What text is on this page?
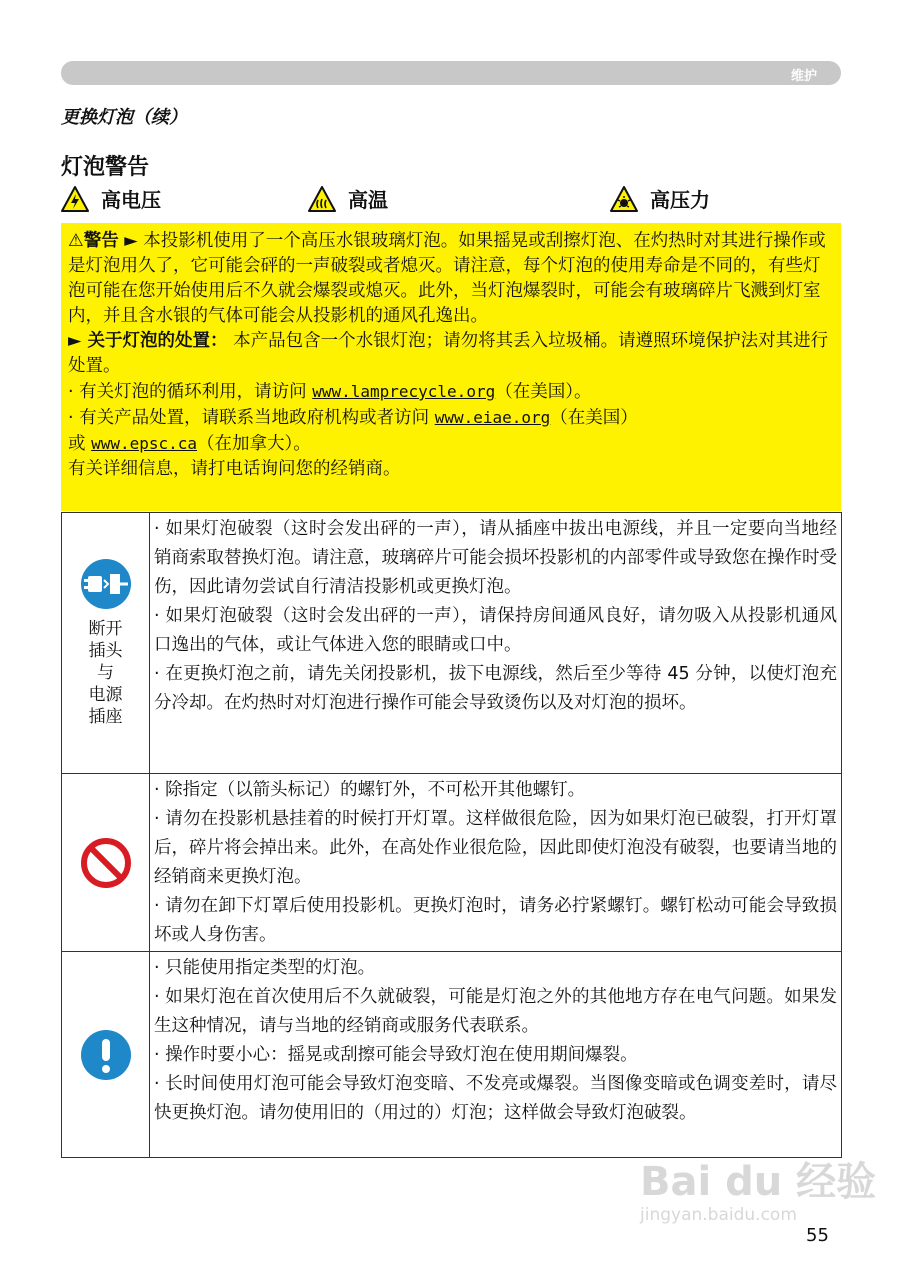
维护
更换灯泡（续）
灯泡警告
高电压	高温	高压力

⚠警告 ► 本投影机使用了一个高压水银玻璃灯泡。如果摇晃或刮擦灯泡、在灼热时对其进行操作或是灯泡用久了，它可能会砰的一声破裂或者熄灭。请注意，每个灯泡的使用寿命是不同的，有些灯泡可能在您开始使用后不久就会爆裂或熄灭。此外，当灯泡爆裂时，可能会有玻璃碎片飞溅到灯室内，并且含水银的气体可能会从投影机的通风孔逸出。

► 关于灯泡的处置： 本产品包含一个水银灯泡；请勿将其丢入垃圾桶。请遵照环境保护法对其进行处置。

· 有关灯泡的循环利用，请访问 www.lamprecycle.org（在美国）。

· 有关产品处置，请联系当地政府机构或者访问 www.eiae.org（在美国）

或 www.epsc.ca（在加拿大）。

有关详细信息，请打电话询问您的经销商。

断开
插头
与
电源
插座

· 如果灯泡破裂（这时会发出砰的一声），请从插座中拔出电源线，并且一定要向当地经销商索取替换灯泡。请注意，玻璃碎片可能会损坏投影机的内部零件或导致您在操作时受伤，因此请勿尝试自行清洁投影机或更换灯泡。

· 如果灯泡破裂（这时会发出砰的一声），请保持房间通风良好，请勿吸入从投影机通风口逸出的气体，或让气体进入您的眼睛或口中。

· 在更换灯泡之前，请先关闭投影机，拔下电源线，然后至少等待 45 分钟，以使灯泡充分冷却。在灼热时对灯泡进行操作可能会导致烫伤以及对灯泡的损坏。

· 除指定（以箭头标记）的螺钉外，不可松开其他螺钉。

· 请勿在投影机悬挂着的时候打开灯罩。这样做很危险，因为如果灯泡已破裂，打开灯罩后，碎片将会掉出来。此外，在高处作业很危险，因此即使灯泡没有破裂，也要请当地的经销商来更换灯泡。

· 请勿在卸下灯罩后使用投影机。更换灯泡时，请务必拧紧螺钉。螺钉松动可能会导致损坏或人身伤害。

· 只能使用指定类型的灯泡。

· 如果灯泡在首次使用后不久就破裂，可能是灯泡之外的其他地方存在电气问题。如果发生这种情况，请与当地的经销商或服务代表联系。

· 操作时要小心：摇晃或刮擦可能会导致灯泡在使用期间爆裂。

· 长时间使用灯泡可能会导致灯泡变暗、不发亮或爆裂。当图像变暗或色调变差时，请尽快更换灯泡。请勿使用旧的（用过的）灯泡；这样做会导致灯泡破裂。

Bai du 经验
jingyan.baidu.com
55
